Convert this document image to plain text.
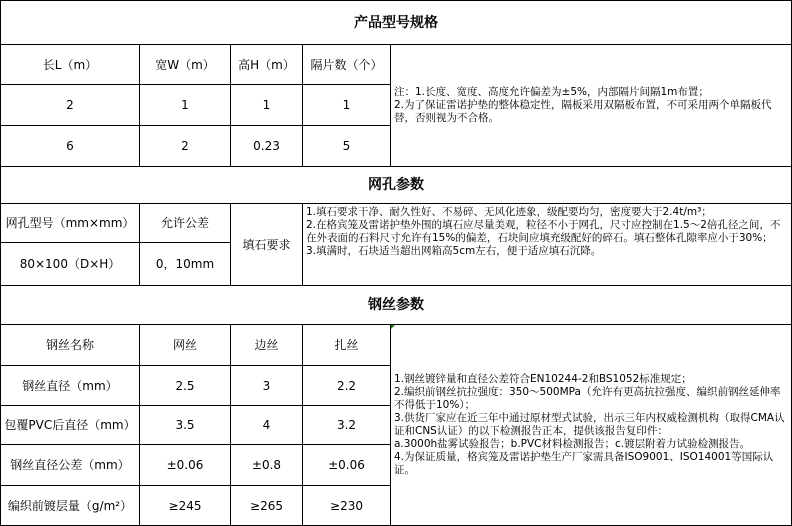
产品型号规格
长L（m）	宽W（m）	高H（m）	隔片数（个）
2	1	1	1
6	2	0.23	5
注：1.长度、宽度、高度允许偏差为±5%，内部隔片间隔1m布置；
2.为了保证雷诺护垫的整体稳定性，隔板采用双隔板布置，不可采用两个单隔板代替，否则视为不合格。
网孔参数
网孔型号（mm×mm）	允许公差
80×100（D×H）	0，10mm
填石要求
1.填石要求干净、耐久性好、不易碎、无风化迹象，级配要均匀，密度要大于2.4t/m³；
2.在格宾笼及雷诺护垫外围的填石应尽量美观，粒径不小于网孔，尺寸应控制在1.5～2倍孔径之间，不在外表面的石料尺寸允许有15%的偏差，石块间应填充级配好的碎石。填石整体孔隙率应小于30%；
3.填满时，石块适当超出网箱高5cm左右，便于适应填石沉降。
钢丝参数
钢丝名称	网丝	边丝	扎丝
钢丝直径（mm）	2.5	3	2.2
包覆PVC后直径（mm）	3.5	4	3.2
钢丝直径公差（mm）	±0.06	±0.8	±0.06
编织前镀层量（g/m²）	≥245	≥265	≥230
1.钢丝镀锌量和直径公差符合EN10244-2和BS1052标准规定；
2.编织前钢丝抗拉强度：350～500MPa（允许有更高抗拉强度、编织前钢丝延伸率不得低于10%）；
3.供货厂家应在近三年中通过原材型式试验，出示三年内权威检测机构（取得CMA认证和CNS认证）的以下检测报告正本，提供该报告复印件：
a.3000h盐雾试验报告；b.PVC材料检测报告；c.镀层附着力试验检测报告。
4.为保证质量，格宾笼及雷诺护垫生产厂家需具备ISO9001、ISO14001等国际认证。
